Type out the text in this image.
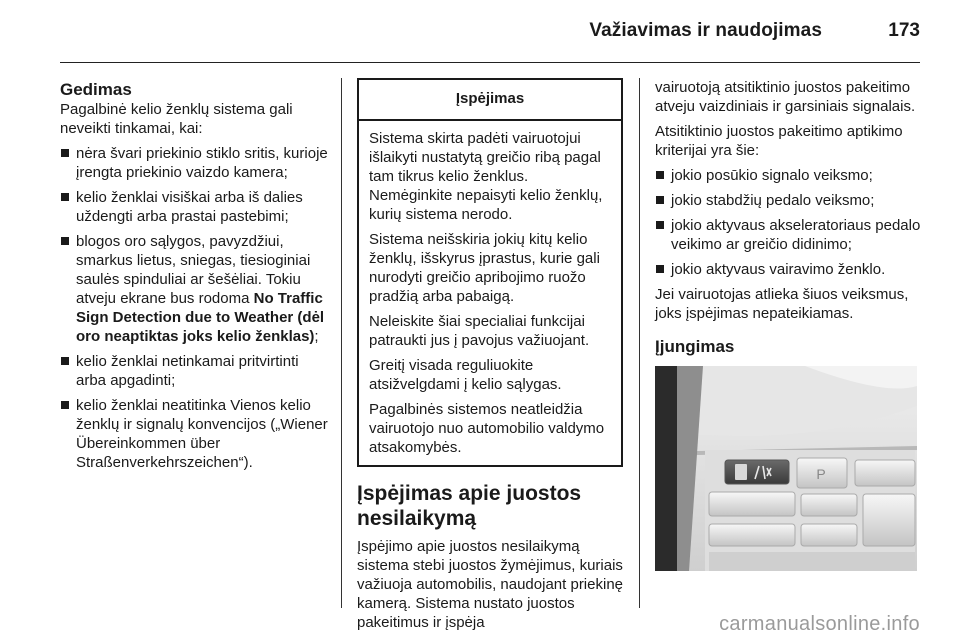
Važiavimas ir naudojimas	173
Gedimas
Pagalbinė kelio ženklų sistema gali neveikti tinkamai, kai:
nėra švari priekinio stiklo sritis, kurioje įrengta priekinio vaizdo kamera;
kelio ženklai visiškai arba iš dalies uždengti arba prastai pastebimi;
blogos oro sąlygos, pavyzdžiui, smarkus lietus, sniegas, tiesioginiai saulės spinduliai ar šešėliai. Tokiu atveju ekrane bus rodoma No Traffic Sign Detection due to Weather (dėl oro neaptiktas joks kelio ženklas);
kelio ženklai netinkamai pritvirtinti arba apgadinti;
kelio ženklai neatitinka Vienos kelio ženklų ir signalų konvencijos („Wiener Übereinkommen über Straßenverkehrszeichen“).
Įspėjimas
Sistema skirta padėti vairuotojui išlaikyti nustatytą greičio ribą pagal tam tikrus kelio ženklus. Nemėginkite nepaisyti kelio ženklų, kurių sistema nerodo.
Sistema neišskiria jokių kitų kelio ženklų, išskyrus įprastus, kurie gali nurodyti greičio apribojimo ruožo pradžią arba pabaigą.
Neleiskite šiai specialiai funkcijai patraukti jus į pavojus važiuojant.
Greitį visada reguliuokite atsižvelgdami į kelio sąlygas.
Pagalbinės sistemos neatleidžia vairuotojo nuo automobilio valdymo atsakomybės.
Įspėjimas apie juostos nesilaikymą
Įspėjimo apie juostos nesilaikymą sistema stebi juostos žymėjimus, kuriais važiuoja automobilis, naudojant priekinę kamerą. Sistema nustato juostos pakeitimus ir įspėja
vairuotoją atsitiktinio juostos pakeitimo atveju vaizdiniais ir garsiniais signalais.
Atsitiktinio juostos pakeitimo aptikimo kriterijai yra šie:
jokio posūkio signalo veiksmo;
jokio stabdžių pedalo veiksmo;
jokio aktyvaus akseleratoriaus pedalo veikimo ar greičio didinimo;
jokio aktyvaus vairavimo ženklo.
Jei vairuotojas atlieka šiuos veiksmus, joks įspėjimas nepateikiamas.
Įjungimas
P
carmanualsonline.info
